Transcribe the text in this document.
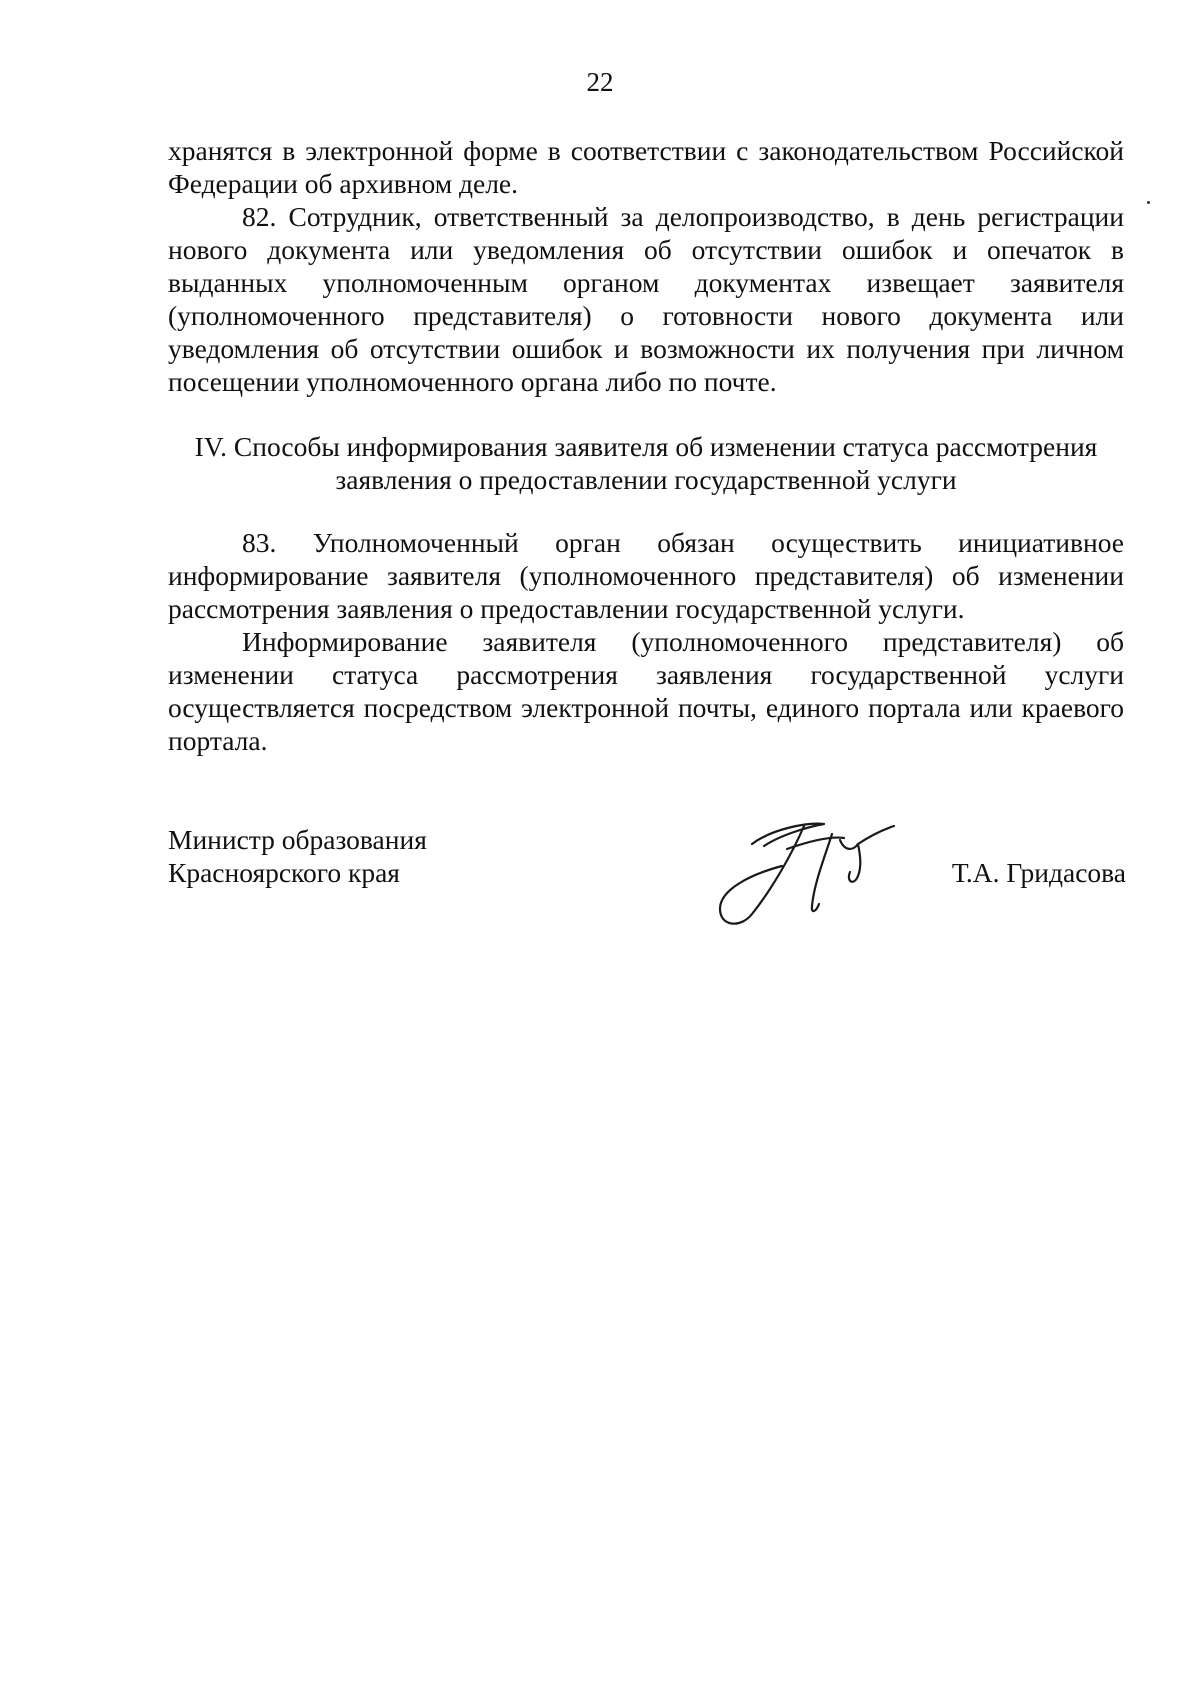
22

хранятся в электронной форме в соответствии с законодательством Российской Федерации об архивном деле.

82. Сотрудник, ответственный за делопроизводство, в день регистрации нового документа или уведомления об отсутствии ошибок и опечаток в выданных уполномоченным органом документах извещает заявителя (уполномоченного представителя) о готовности нового документа или уведомления об отсутствии ошибок и возможности их получения при личном посещении уполномоченного органа либо по почте.

IV. Способы информирования заявителя об изменении статуса рассмотрения
заявления о предоставлении государственной услуги

83. Уполномоченный орган обязан осуществить инициативное информирование заявителя (уполномоченного представителя) об изменении рассмотрения заявления о предоставлении государственной услуги.

Информирование заявителя (уполномоченного представителя) об изменении статуса рассмотрения заявления государственной услуги осуществляется посредством электронной почты, единого портала или краевого портала.

Министр образования
Красноярского края	Т.А. Гридасова
